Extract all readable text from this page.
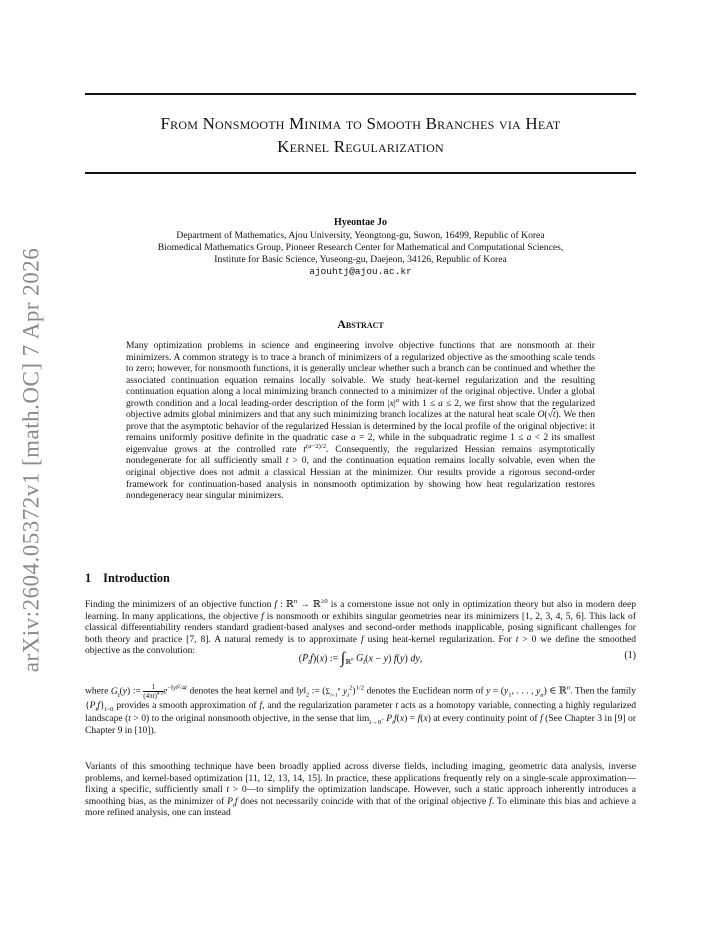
arXiv:2604.05372v1 [math.OC] 7 Apr 2026
From Nonsmooth Minima to Smooth Branches via Heat
Kernel Regularization
Hyeontae Jo
Department of Mathematics, Ajou University, Yeongtong-gu, Suwon, 16499, Republic of Korea
Biomedical Mathematics Group, Pioneer Research Center for Mathematical and Computational Sciences,
Institute for Basic Science, Yuseong-gu, Daejeon, 34126, Republic of Korea
ajouhtj@ajou.ac.kr
Abstract
Many optimization problems in science and engineering involve objective functions that are nonsmooth at their minimizers. A common strategy is to trace a branch of minimizers of a regularized objective as the smoothing scale tends to zero; however, for nonsmooth functions, it is generally unclear whether such a branch can be continued and whether the associated continuation equation remains locally solvable. We study heat-kernel regularization and the resulting continuation equation along a local minimizing branch connected to a minimizer of the original objective. Under a global growth condition and a local leading-order description of the form $|x|^a$ with 1 ≤ a ≤ 2, we first show that the regularized objective admits global minimizers and that any such minimizing branch localizes at the natural heat scale O(√t). We then prove that the asymptotic behavior of the regularized Hessian is determined by the local profile of the original objective: it remains uniformly positive definite in the quadratic case a = 2, while in the subquadratic regime 1 ≤ a < 2 its smallest eigenvalue grows at the controlled rate $t^{(a-2)/2}$. Consequently, the regularized Hessian remains asymptotically nondegenerate for all sufficiently small t > 0, and the continuation equation remains locally solvable, even when the original objective does not admit a classical Hessian at the minimizer. Our results provide a rigorous second-order framework for continuation-based analysis in nonsmooth optimization by showing how heat regularization restores nondegeneracy near singular minimizers.
1 Introduction
Finding the minimizers of an objective function f : ℝ$^n$ → ℝ$^{\ge 0}$ is a cornerstone issue not only in optimization theory but also in modern deep learning. In many applications, the objective f is nonsmooth or exhibits singular geometries near its minimizers [1, 2, 3, 4, 5, 6]. This lack of classical differentiability renders standard gradient-based analyses and second-order methods inapplicable, posing significant challenges for both theory and practice [7, 8]. A natural remedy is to approximate f using heat-kernel regularization. For t > 0 we define the smoothed objective as the convolution:
$(P_tf)(x)$ := $\int_{ℝ^n}$ $G_t(x - y)$ f(y) dy,	(1)
where $G_t(y)$ := $\frac{1}{(4\pi t)^{n/2}} e^{-‖y‖^2/4t}$ denotes the heat kernel and $‖y‖_2$ := ($\Sigma_{i=1}^n$ $y_i^2)^{1/2}$ denotes the Euclidean norm of $y = (y_1$, . . . , $y_n$) ∈ ℝ$^n$. Then the family $\{P_tf\}_{t>0}$ provides a smooth approximation of f, and the regularization parameter t acts as a homotopy variable, connecting a highly regularized landscape (t > 0) to the original nonsmooth objective, in the sense that $\lim_{t\to 0^+} P_tf(x) = f(x)$ at every continuity point of f (See Chapter 3 in [9] or Chapter 9 in [10]).
Variants of this smoothing technique have been broadly applied across diverse fields, including imaging, geometric data analysis, inverse problems, and kernel-based optimization [11, 12, 13, 14, 15]. In practice, these applications frequently rely on a single-scale approximation—fixing a specific, sufficiently small t > 0—to simplify the optimization landscape. However, such a static approach inherently introduces a smoothing bias, as the minimizer of $P_tf$ does not necessarily coincide with that of the original objective f. To eliminate this bias and achieve a more refined analysis, one can instead
